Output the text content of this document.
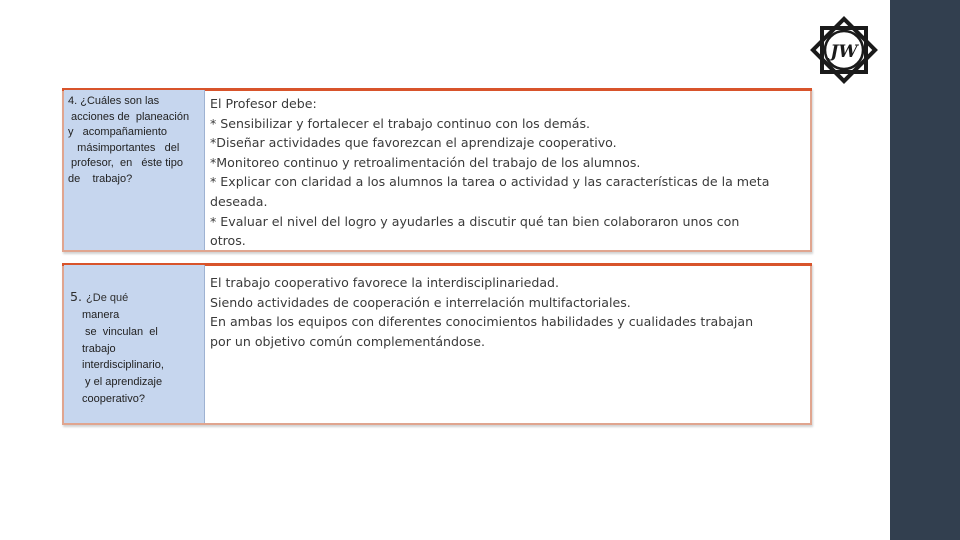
JW
4. ¿Cuáles son las
acciones de  planeación
y   acompañamiento
másimportantes   del
profesor,  en   éste tipo
de    trabajo?
El Profesor debe:
* Sensibilizar y fortalecer el trabajo continuo con los demás.
*Diseñar actividades que favorezcan el aprendizaje cooperativo.
*Monitoreo continuo y retroalimentación del trabajo de los alumnos.
* Explicar con claridad a los alumnos la tarea o actividad y las características de la meta
deseada.
* Evaluar el nivel del logro y ayudarles a discutir qué tan bien colaboraron unos con
otros.
5. ¿De qué
manera
se  vinculan  el
trabajo
interdisciplinario,
y el aprendizaje
cooperativo?
El trabajo cooperativo favorece la interdisciplinariedad.
Siendo actividades de cooperación e interrelación multifactoriales.
En ambas los equipos con diferentes conocimientos habilidades y cualidades trabajan
por un objetivo común complementándose.
